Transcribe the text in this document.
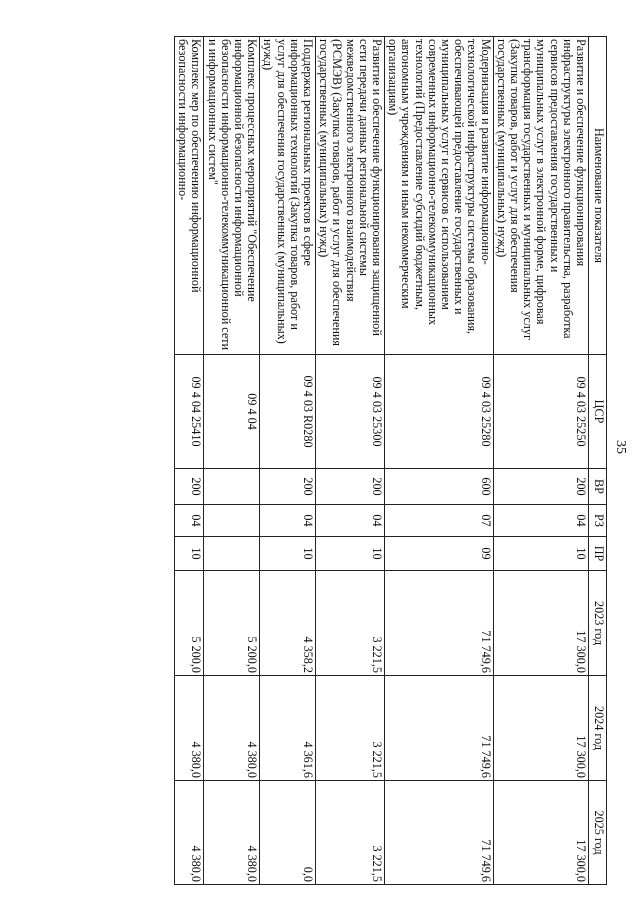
35
Наименование показателя	ЦСР	ВР	РЗ	ПР	2023 год	2024 год	2025 год
Развитие и обеспечение функционирования инфраструктуры электронного правительства, разработка сервисов предоставления государственных и муниципальных услуг в электронной форме, цифровая трансформация государственных и муниципальных услуг (Закупка товаров, работ и услуг для обеспечения государственных (муниципальных) нужд)	09 4 03 25250	200	04	10	17 300,0	17 300,0	17 300,0
Модернизация и развитие информационно-технологической инфраструктуры системы образования, обеспечивающей предоставление государственных и муниципальных услуг и сервисов с использованием современных информационно-телекоммуникационных технологий (Предоставление субсидий бюджетным, автономным учреждениям и иным некоммерческим организациям)	09 4 03 25280	600	07	09	71 749,6	71 749,6	71 749,6
Развитие и обеспечение функционирования защищенной сети передачи данных региональной системы межведомственного электронного взаимодействия (РСМЭВ) (Закупка товаров, работ и услуг для обеспечения государственных (муниципальных) нужд)	09 4 03 25300	200	04	10	3 221,5	3 221,5	3 221,5
Поддержка региональных проектов в сфере информационных технологий (Закупка товаров, работ и услуг для обеспечения государственных (муниципальных) нужд)	09 4 03 R0280	200	04	10	4 358,2	4 361,6	0,0
Комплекс процессных мероприятий "Обеспечение информационной безопасности информационной безопасности информационно-телекоммуникационной сети и информационных систем"	09 4 04				5 200,0	4 380,0	4 380,0
Комплекс мер по обеспечению информационной безопасности информационно-	09 4 04 25410	200	04	10	5 200,0	4 380,0	4 380,0
